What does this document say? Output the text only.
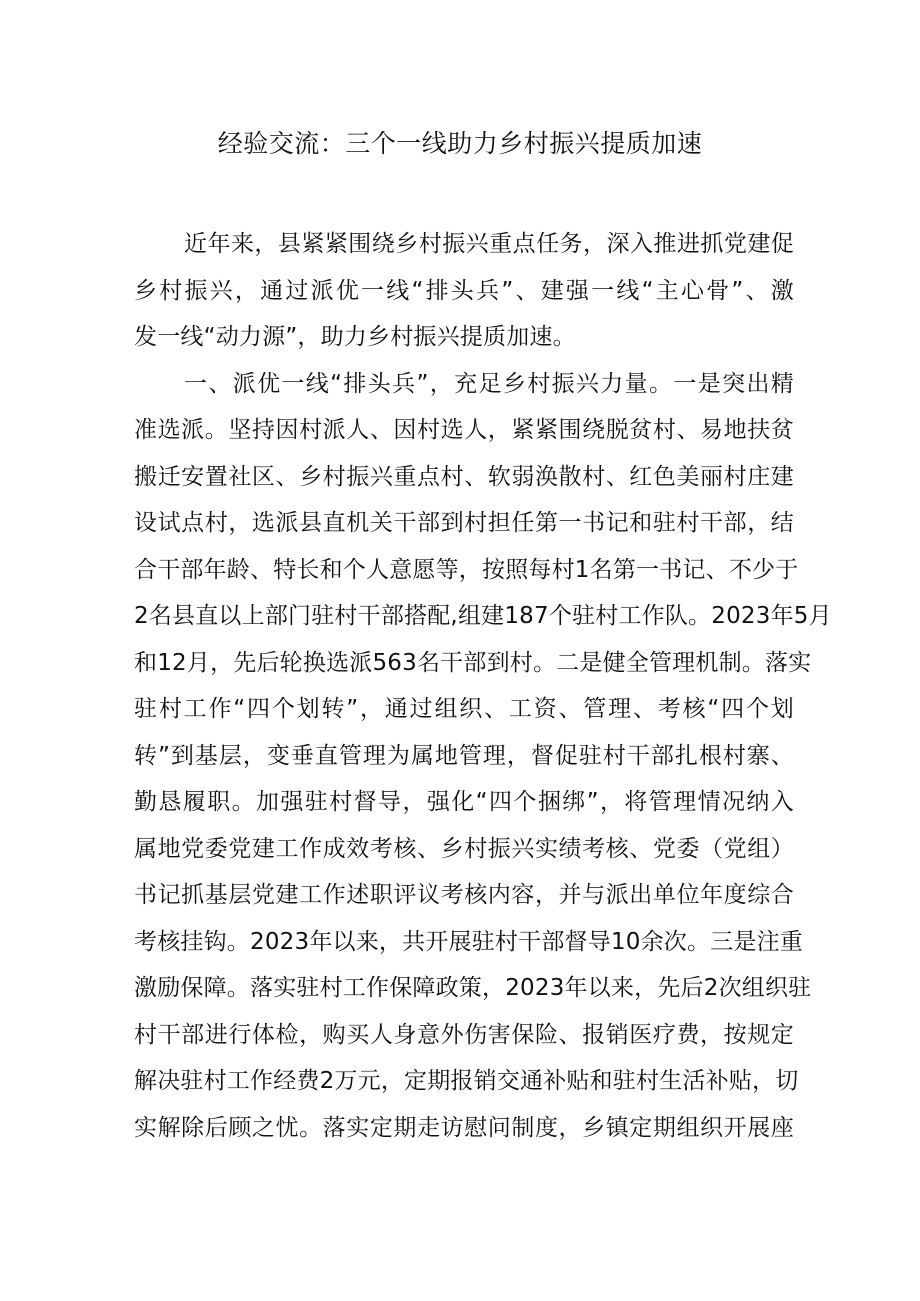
经验交流：三个一线助力乡村振兴提质加速
近年来，县紧紧围绕乡村振兴重点任务，深入推进抓党建促
乡村振兴，通过派优一线“排头兵”、建强一线“主心骨”、激
发一线“动力源”，助力乡村振兴提质加速。
一、派优一线“排头兵”，充足乡村振兴力量。一是突出精
准选派。坚持因村派人、因村选人，紧紧围绕脱贫村、易地扶贫
搬迁安置社区、乡村振兴重点村、软弱涣散村、红色美丽村庄建
设试点村，选派县直机关干部到村担任第一书记和驻村干部，结
合干部年龄、特长和个人意愿等，按照每村1名第一书记、不少于
2名县直以上部门驻村干部搭配,组建187个驻村工作队。2023年5月
和12月，先后轮换选派563名干部到村。二是健全管理机制。落实
驻村工作“四个划转”，通过组织、工资、管理、考核“四个划
转”到基层，变垂直管理为属地管理，督促驻村干部扎根村寨、
勤恳履职。加强驻村督导，强化“四个捆绑”，将管理情况纳入
属地党委党建工作成效考核、乡村振兴实绩考核、党委（党组）
书记抓基层党建工作述职评议考核内容，并与派出单位年度综合
考核挂钩。2023年以来，共开展驻村干部督导10余次。三是注重
激励保障。落实驻村工作保障政策，2023年以来，先后2次组织驻
村干部进行体检，购买人身意外伤害保险、报销医疗费，按规定
解决驻村工作经费2万元，定期报销交通补贴和驻村生活补贴，切
实解除后顾之忧。落实定期走访慰问制度，乡镇定期组织开展座
